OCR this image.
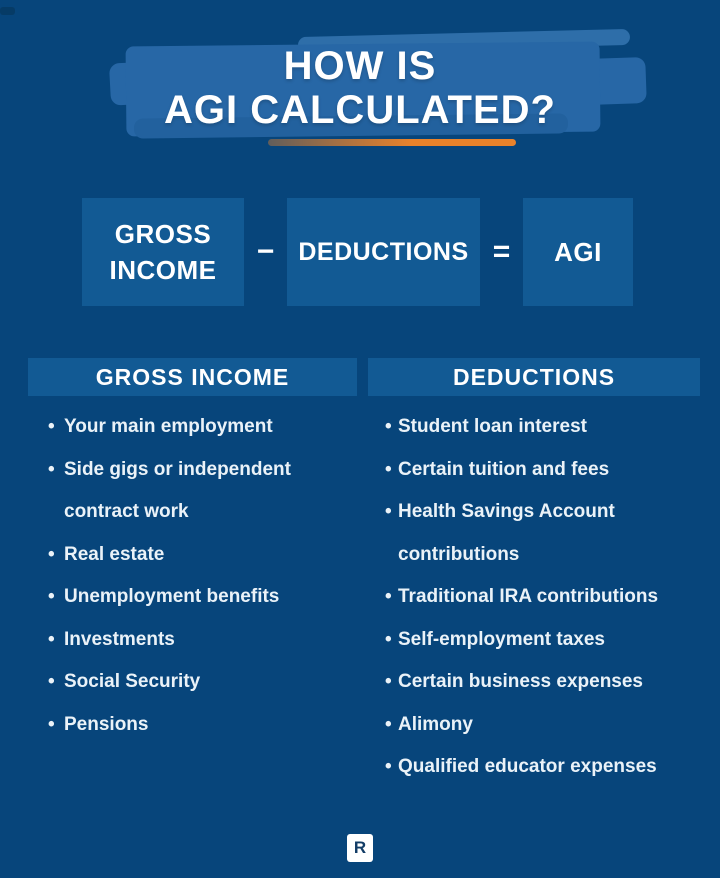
HOW IS
AGI CALCULATED?
GROSS INCOME
− DEDUCTIONS =	AGI
GROSS INCOME
• Your main employment
• Side gigs or independent contract work
• Real estate
• Unemployment benefits
• Investments
• Social Security
• Pensions
DEDUCTIONS
• Student loan interest
• Certain tuition and fees
• Health Savings Account contributions
• Traditional IRA contributions
• Self-employment taxes
• Certain business expenses
• Alimony
• Qualified educator expenses
R
